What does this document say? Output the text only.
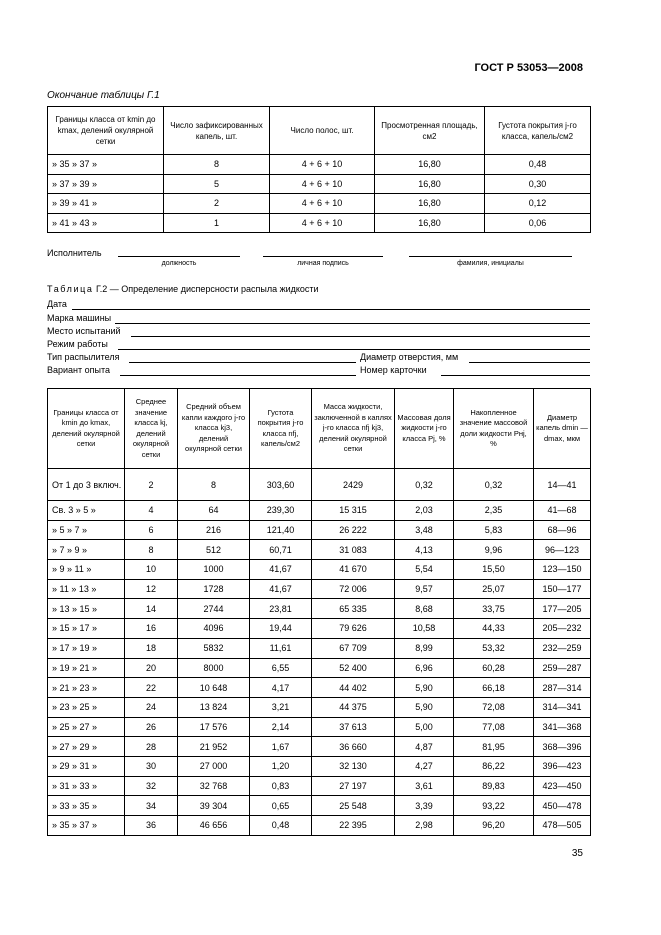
ГОСТ Р 53053—2008
Окончание таблицы Г.1
Границы класса от kmin до kmax, делений окулярной сетки	Число зафиксированных капель, шт.	Число полос, шт.	Просмотренная площадь, см2	Густота покрытия j-го класса, капель/см2
» 35 » 37 »	8	4 + 6 + 10	16,80	0,48
» 37 » 39 »	5	4 + 6 + 10	16,80	0,30
» 39 » 41 »	2	4 + 6 + 10	16,80	0,12
» 41 » 43 »	1	4 + 6 + 10	16,80	0,06
Исполнитель
должность	личная подпись	фамилия, инициалы
Таблица Г.2 — Определение дисперсности распыла жидкости
Дата
Марка машины
Место испытаний
Режим работы
Тип распылителя	Диаметр отверстия, мм
Вариант опыта	Номер карточки
Границы класса от kmin до kmax, делений окулярной сетки	Среднее значение класса kj, делений окулярной сетки	Средний объем капли каждого j-го класса kj3, делений окулярной сетки	Густота покрытия j-го класса nfj, капель/см2	Масса жидкости, заключенной в каплях j-го класса nfj kj3, делений окулярной сетки	Массовая доля жидкости j-го класса Pj, %	Накопленное значение массовой доли жидкости Pнj, %	Диаметр капель dmin — dmax, мкм
От 1 до 3 включ.	2	8	303,60	2429	0,32	0,32	14—41
Св. 3 » 5 »	4	64	239,30	15 315	2,03	2,35	41—68
» 5 » 7 »	6	216	121,40	26 222	3,48	5,83	68—96
» 7 » 9 »	8	512	60,71	31 083	4,13	9,96	96—123
» 9 » 11 »	10	1000	41,67	41 670	5,54	15,50	123—150
» 11 » 13 »	12	1728	41,67	72 006	9,57	25,07	150—177
» 13 » 15 »	14	2744	23,81	65 335	8,68	33,75	177—205
» 15 » 17 »	16	4096	19,44	79 626	10,58	44,33	205—232
» 17 » 19 »	18	5832	11,61	67 709	8,99	53,32	232—259
» 19 » 21 »	20	8000	6,55	52 400	6,96	60,28	259—287
» 21 » 23 »	22	10 648	4,17	44 402	5,90	66,18	287—314
» 23 » 25 »	24	13 824	3,21	44 375	5,90	72,08	314—341
» 25 » 27 »	26	17 576	2,14	37 613	5,00	77,08	341—368
» 27 » 29 »	28	21 952	1,67	36 660	4,87	81,95	368—396
» 29 » 31 »	30	27 000	1,20	32 130	4,27	86,22	396—423
» 31 » 33 »	32	32 768	0,83	27 197	3,61	89,83	423—450
» 33 » 35 »	34	39 304	0,65	25 548	3,39	93,22	450—478
» 35 » 37 »	36	46 656	0,48	22 395	2,98	96,20	478—505
35
